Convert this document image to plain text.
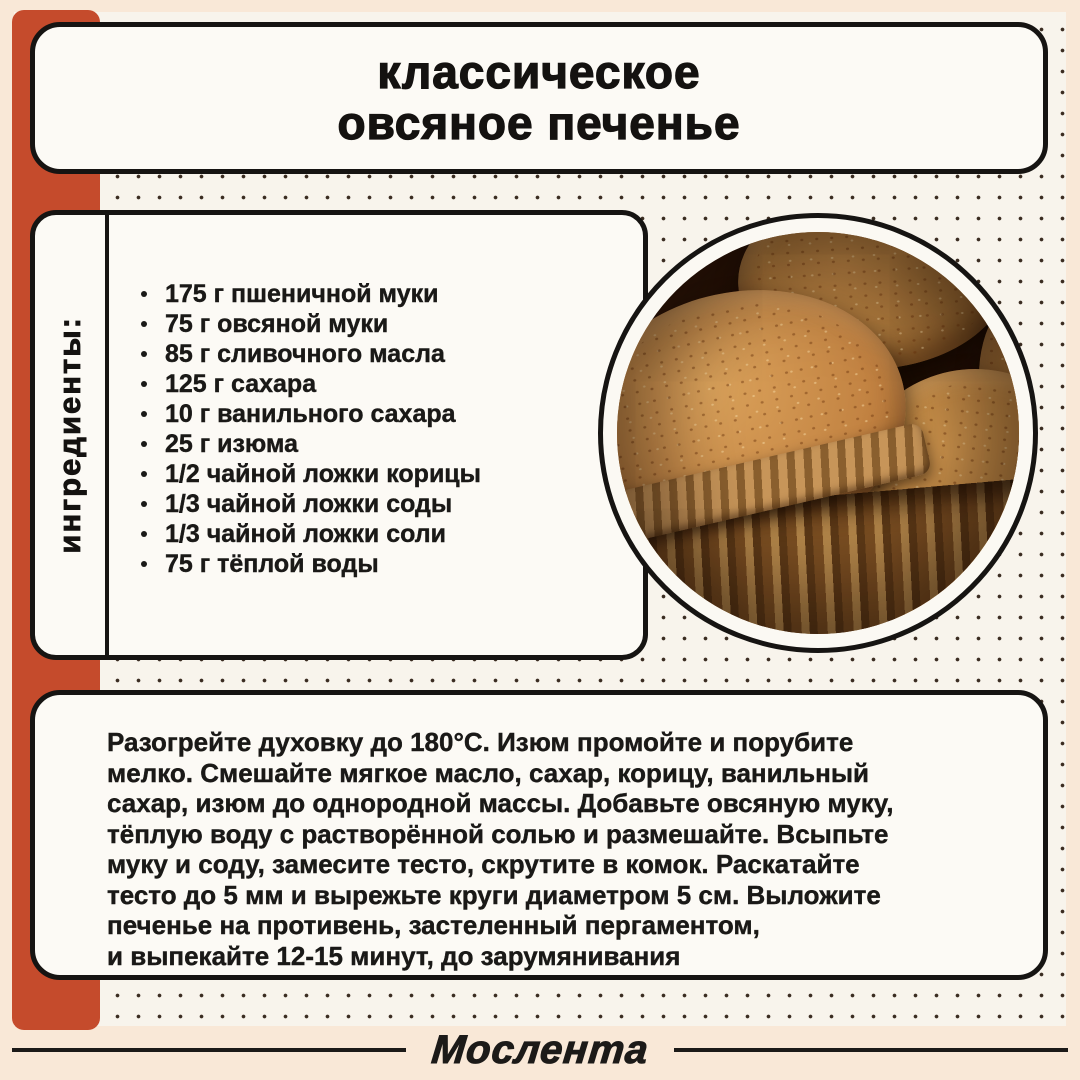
классическое
овсяное печенье
ингредиенты:
175 г пшеничной муки
75 г овсяной муки
85 г сливочного масла
125 г сахара
10 г ванильного сахара
25 г изюма
1/2 чайной ложки корицы
1/3 чайной ложки соды
1/3 чайной ложки соли
75 г тёплой воды
Разогрейте духовку до 180°C. Изюм промойте и порубите
мелко. Смешайте мягкое масло, сахар, корицу, ванильный
сахар, изюм до однородной массы. Добавьте овсяную муку,
тёплую воду с растворённой солью и размешайте. Всыпьте
муку и соду, замесите тесто, скрутите в комок. Раскатайте
тесто до 5 мм и вырежьте круги диаметром 5 см. Выложите
печенье на противень, застеленный пергаментом,
и выпекайте 12-15 минут, до зарумянивания
Мослента
